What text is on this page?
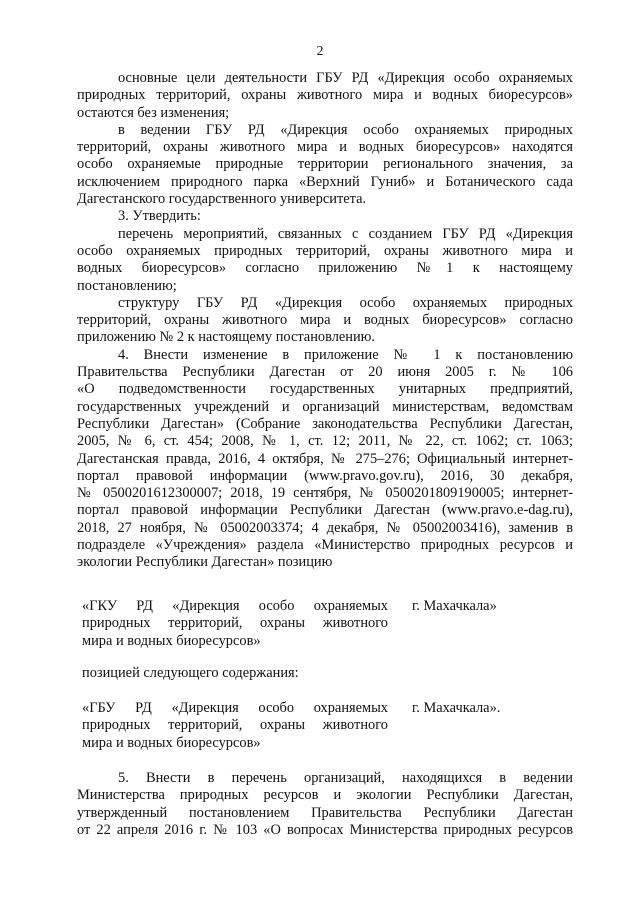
2
основные цели деятельности ГБУ РД «Дирекция особо охраняемых
природных территорий, охраны животного мира и водных биоресурсов»
остаются без изменения;
в ведении ГБУ РД «Дирекция особо охраняемых природных
территорий, охраны животного мира и водных биоресурсов» находятся
особо охраняемые природные территории регионального значения, за
исключением природного парка «Верхний Гуниб» и Ботанического сада
Дагестанского государственного университета.
3. Утвердить:
перечень мероприятий, связанных с созданием ГБУ РД «Дирекция
особо охраняемых природных территорий, охраны животного мира и
водных биоресурсов» согласно приложению №1 к настоящему
постановлению;
структуру ГБУ РД «Дирекция особо охраняемых природных
территорий, охраны животного мира и водных биоресурсов» согласно
приложению № 2 к настоящему постановлению.
4. Внести изменение в приложение № 1 к постановлению
Правительства Республики Дагестан от 20 июня 2005 г. № 106
«О подведомственности государственных унитарных предприятий,
государственных учреждений и организаций министерствам, ведомствам
Республики Дагестан» (Собрание законодательства Республики Дагестан,
2005, № 6, ст. 454; 2008, № 1, ст. 12; 2011, № 22, ст. 1062; ст. 1063;
Дагестанская правда, 2016, 4 октября, № 275–276; Официальный интернет-
портал правовой информации (www.pravo.gov.ru), 2016, 30 декабря,
№ 0500201612300007; 2018, 19 сентября, № 0500201809190005; интернет-
портал правовой информации Республики Дагестан (www.pravo.e-dag.ru),
2018, 27 ноября, № 05002003374; 4 декабря, № 05002003416), заменив в
подразделе «Учреждения» раздела «Министерство природных ресурсов и
экологии Республики Дагестан» позицию
«ГКУ РД «Дирекция особо охраняемых
природных территорий, охраны животного
мира и водных биоресурсов»
г. Махачкала»
позицией следующего содержания:
«ГБУ РД «Дирекция особо охраняемых
природных территорий, охраны животного
мира и водных биоресурсов»
г. Махачкала».
5. Внести в перечень организаций, находящихся в ведении
Министерства природных ресурсов и экологии Республики Дагестан,
утвержденный постановлением Правительства Республики Дагестан
от 22 апреля 2016 г. № 103 «О вопросах Министерства природных ресурсов
